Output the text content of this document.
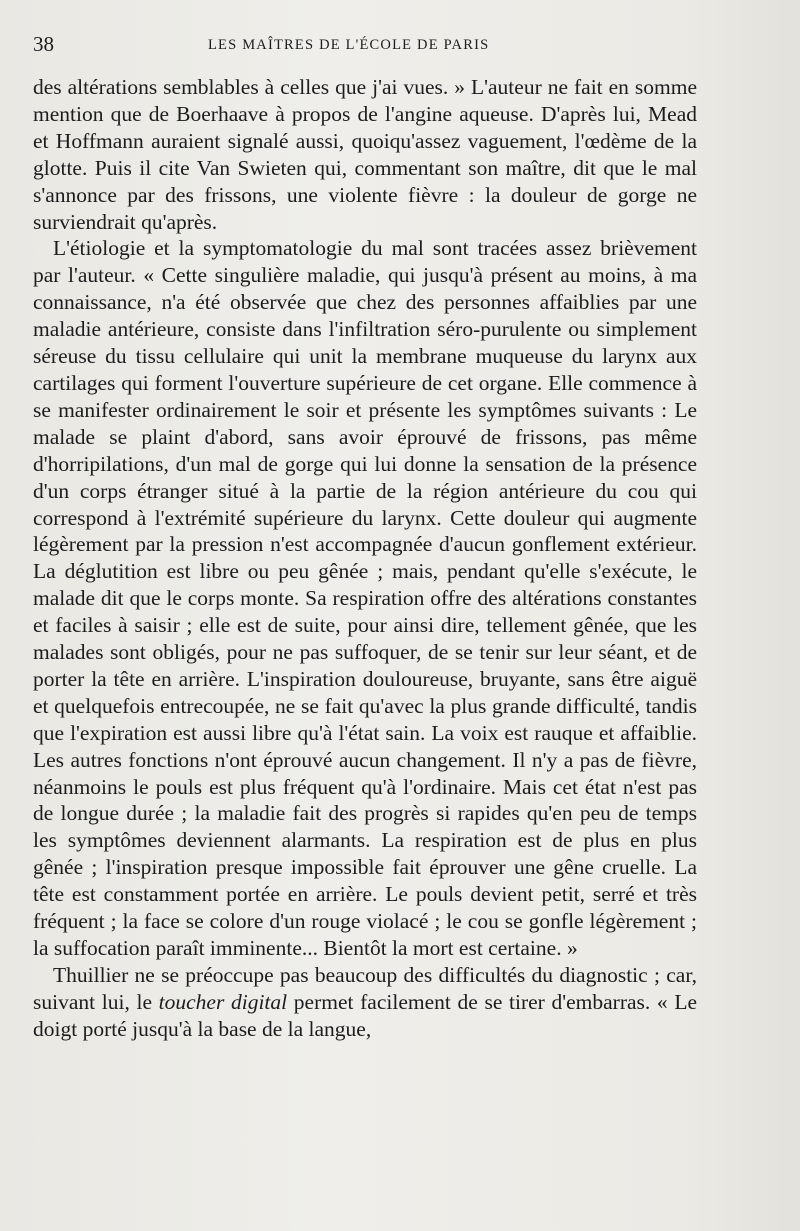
38	LES MAÎTRES DE L'ÉCOLE DE PARIS

des altérations semblables à celles que j'ai vues. » L'auteur ne fait en somme mention que de Boerhaave à propos de l'angine aqueuse. D'après lui, Mead et Hoffmann auraient signalé aussi, quoiqu'assez vaguement, l'œdème de la glotte. Puis il cite Van Swieten qui, commentant son maître, dit que le mal s'annonce par des frissons, une violente fièvre : la douleur de gorge ne surviendrait qu'après.

L'étiologie et la symptomatologie du mal sont tracées assez brièvement par l'auteur. « Cette singulière maladie, qui jusqu'à présent au moins, à ma connaissance, n'a été observée que chez des personnes affaiblies par une maladie antérieure, consiste dans l'infiltration séro-purulente ou simplement séreuse du tissu cellulaire qui unit la membrane muqueuse du larynx aux cartilages qui forment l'ouverture supérieure de cet organe. Elle commence à se manifester ordinairement le soir et présente les symptômes suivants : Le malade se plaint d'abord, sans avoir éprouvé de frissons, pas même d'horripilations, d'un mal de gorge qui lui donne la sensation de la présence d'un corps étranger situé à la partie de la région antérieure du cou qui correspond à l'extrémité supérieure du larynx. Cette douleur qui augmente légèrement par la pression n'est accompagnée d'aucun gonflement extérieur. La déglutition est libre ou peu gênée ; mais, pendant qu'elle s'exécute, le malade dit que le corps monte. Sa respiration offre des altérations constantes et faciles à saisir ; elle est de suite, pour ainsi dire, tellement gênée, que les malades sont obligés, pour ne pas suffoquer, de se tenir sur leur séant, et de porter la tête en arrière. L'inspiration douloureuse, bruyante, sans être aiguë et quelquefois entrecoupée, ne se fait qu'avec la plus grande difficulté, tandis que l'expiration est aussi libre qu'à l'état sain. La voix est rauque et affaiblie. Les autres fonctions n'ont éprouvé aucun changement. Il n'y a pas de fièvre, néanmoins le pouls est plus fréquent qu'à l'ordinaire. Mais cet état n'est pas de longue durée ; la maladie fait des progrès si rapides qu'en peu de temps les symptômes deviennent alarmants. La respiration est de plus en plus gênée ; l'inspiration presque impossible fait éprouver une gêne cruelle. La tête est constamment portée en arrière. Le pouls devient petit, serré et très fréquent ; la face se colore d'un rouge violacé ; le cou se gonfle légèrement ; la suffocation paraît imminente... Bientôt la mort est certaine. »

Thuillier ne se préoccupe pas beaucoup des difficultés du diagnostic ; car, suivant lui, le toucher digital permet facilement de se tirer d'embarras. « Le doigt porté jusqu'à la base de la langue,
